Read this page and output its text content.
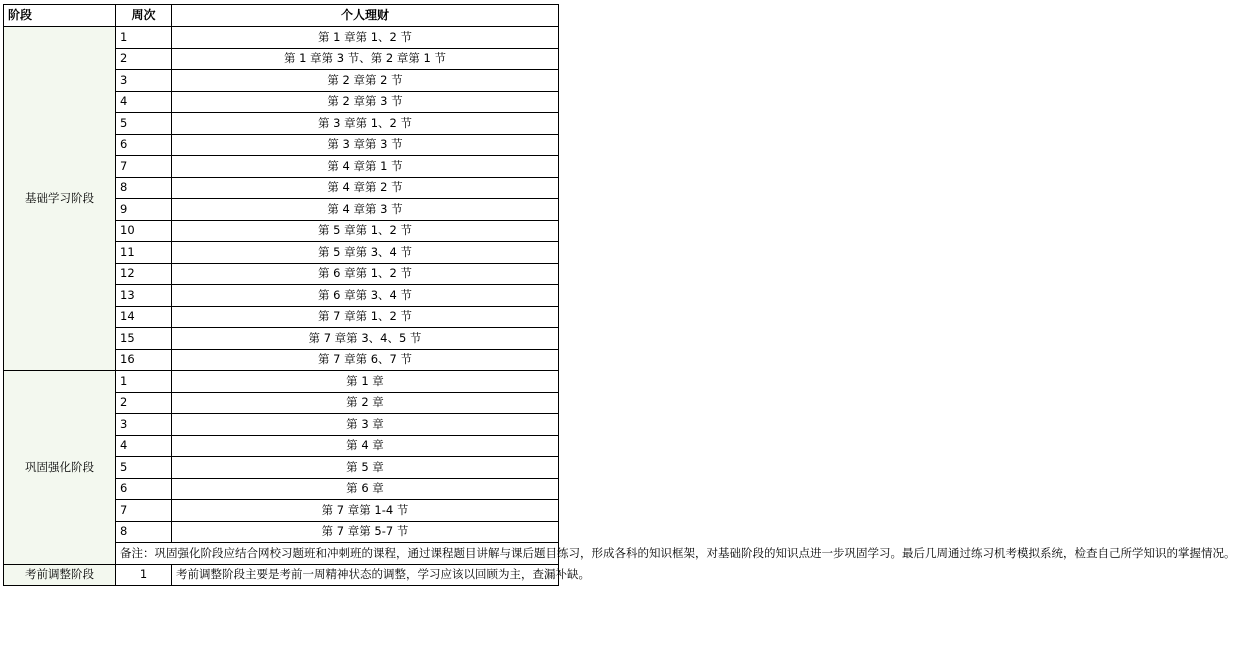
阶段	周次	个人理财
基础学习阶段	1	第 1 章第 1、2 节
	2	第 1 章第 3 节、第 2 章第 1 节
	3	第 2 章第 2 节
	4	第 2 章第 3 节
	5	第 3 章第 1、2 节
	6	第 3 章第 3 节
	7	第 4 章第 1 节
	8	第 4 章第 2 节
	9	第 4 章第 3 节
	10	第 5 章第 1、2 节
	11	第 5 章第 3、4 节
	12	第 6 章第 1、2 节
	13	第 6 章第 3、4 节
	14	第 7 章第 1、2 节
	15	第 7 章第 3、4、5 节
	16	第 7 章第 6、7 节
巩固强化阶段	1	第 1 章
	2	第 2 章
	3	第 3 章
	4	第 4 章
	5	第 5 章
	6	第 6 章
	7	第 7 章第 1-4 节
	8	第 7 章第 5-7 节
	备注：巩固强化阶段应结合网校习题班和冲刺班的课程，通过课程题目讲解与课后题目练习，形成各科的知识框架，对基础阶段的知识点进一步巩固学习。最后几周通过练习机考模拟系统，检查自己所学知识的掌握情况。	
考前调整阶段	1	考前调整阶段主要是考前一周精神状态的调整，学习应该以回顾为主，查漏补缺。
